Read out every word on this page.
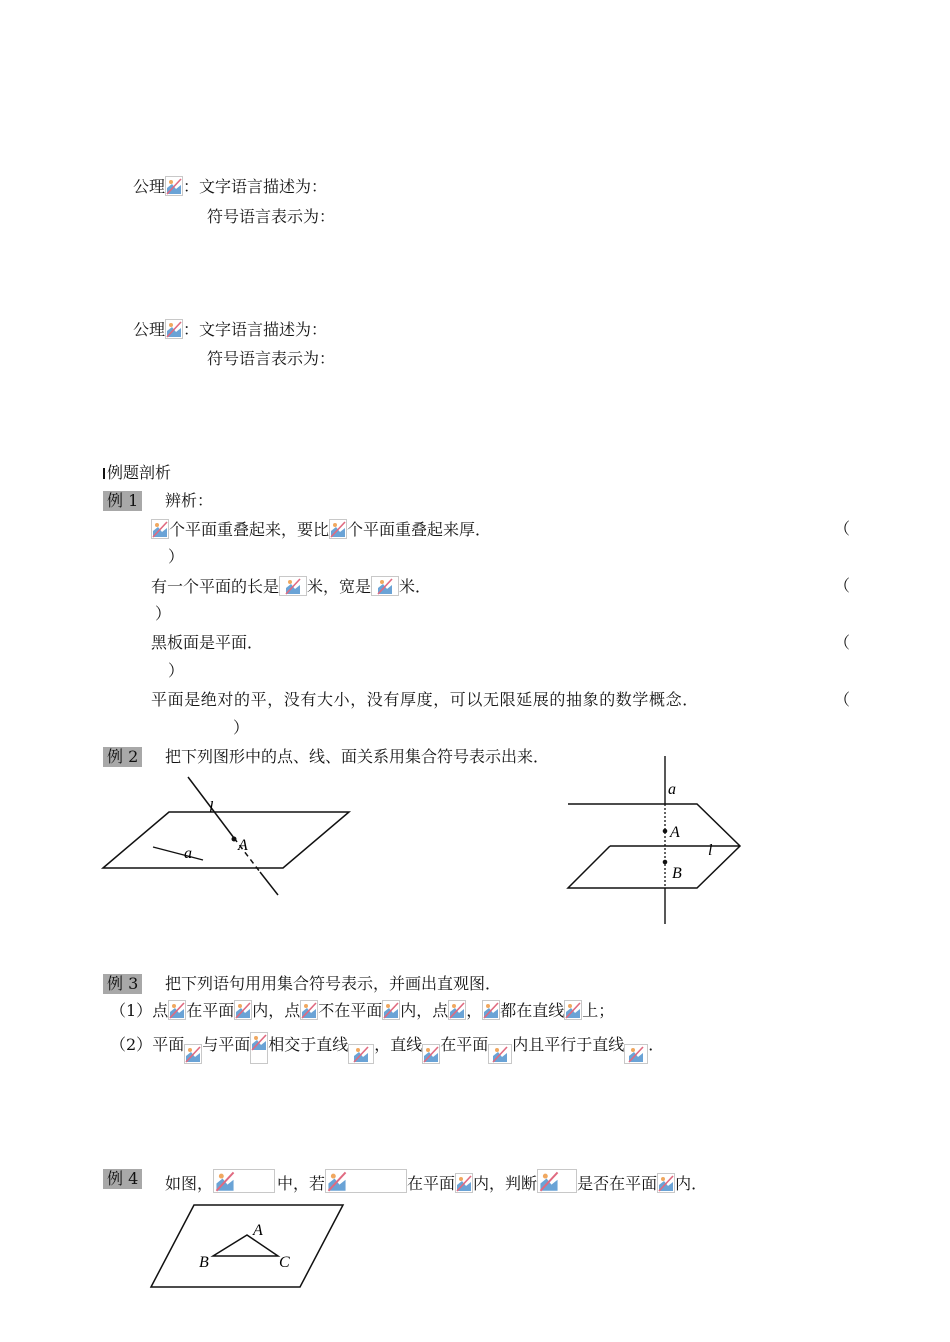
公理 ：文字语言描述为：
符号语言表示为：
公理 ：文字语言描述为：
符号语言表示为：
例题剖析
例 1 辨析：
个平面重叠起来，要比 个平面重叠起来厚．	（
）
有一个平面的长是 米，宽是 米．	（
）
黑板面是平面．	（
）
平面是绝对的平，没有大小，没有厚度，可以无限延展的抽象的数学概念．	（
）
例 2 把下列图形中的点、线、面关系用集合符号表示出来．
l
A
a
a
A
l
B
例 3 把下列语句用用集合符号表示，并画出直观图．
（1）点 在平面 内，点 不在平面 内，点 ， 都在直线 上；
（2）平面 与平面 相交于直线 ，直线 在平面 内且平行于直线 ．
例 4 如图，	中，若	在平面 内，判断	是否在平面 内．
A
B	C
